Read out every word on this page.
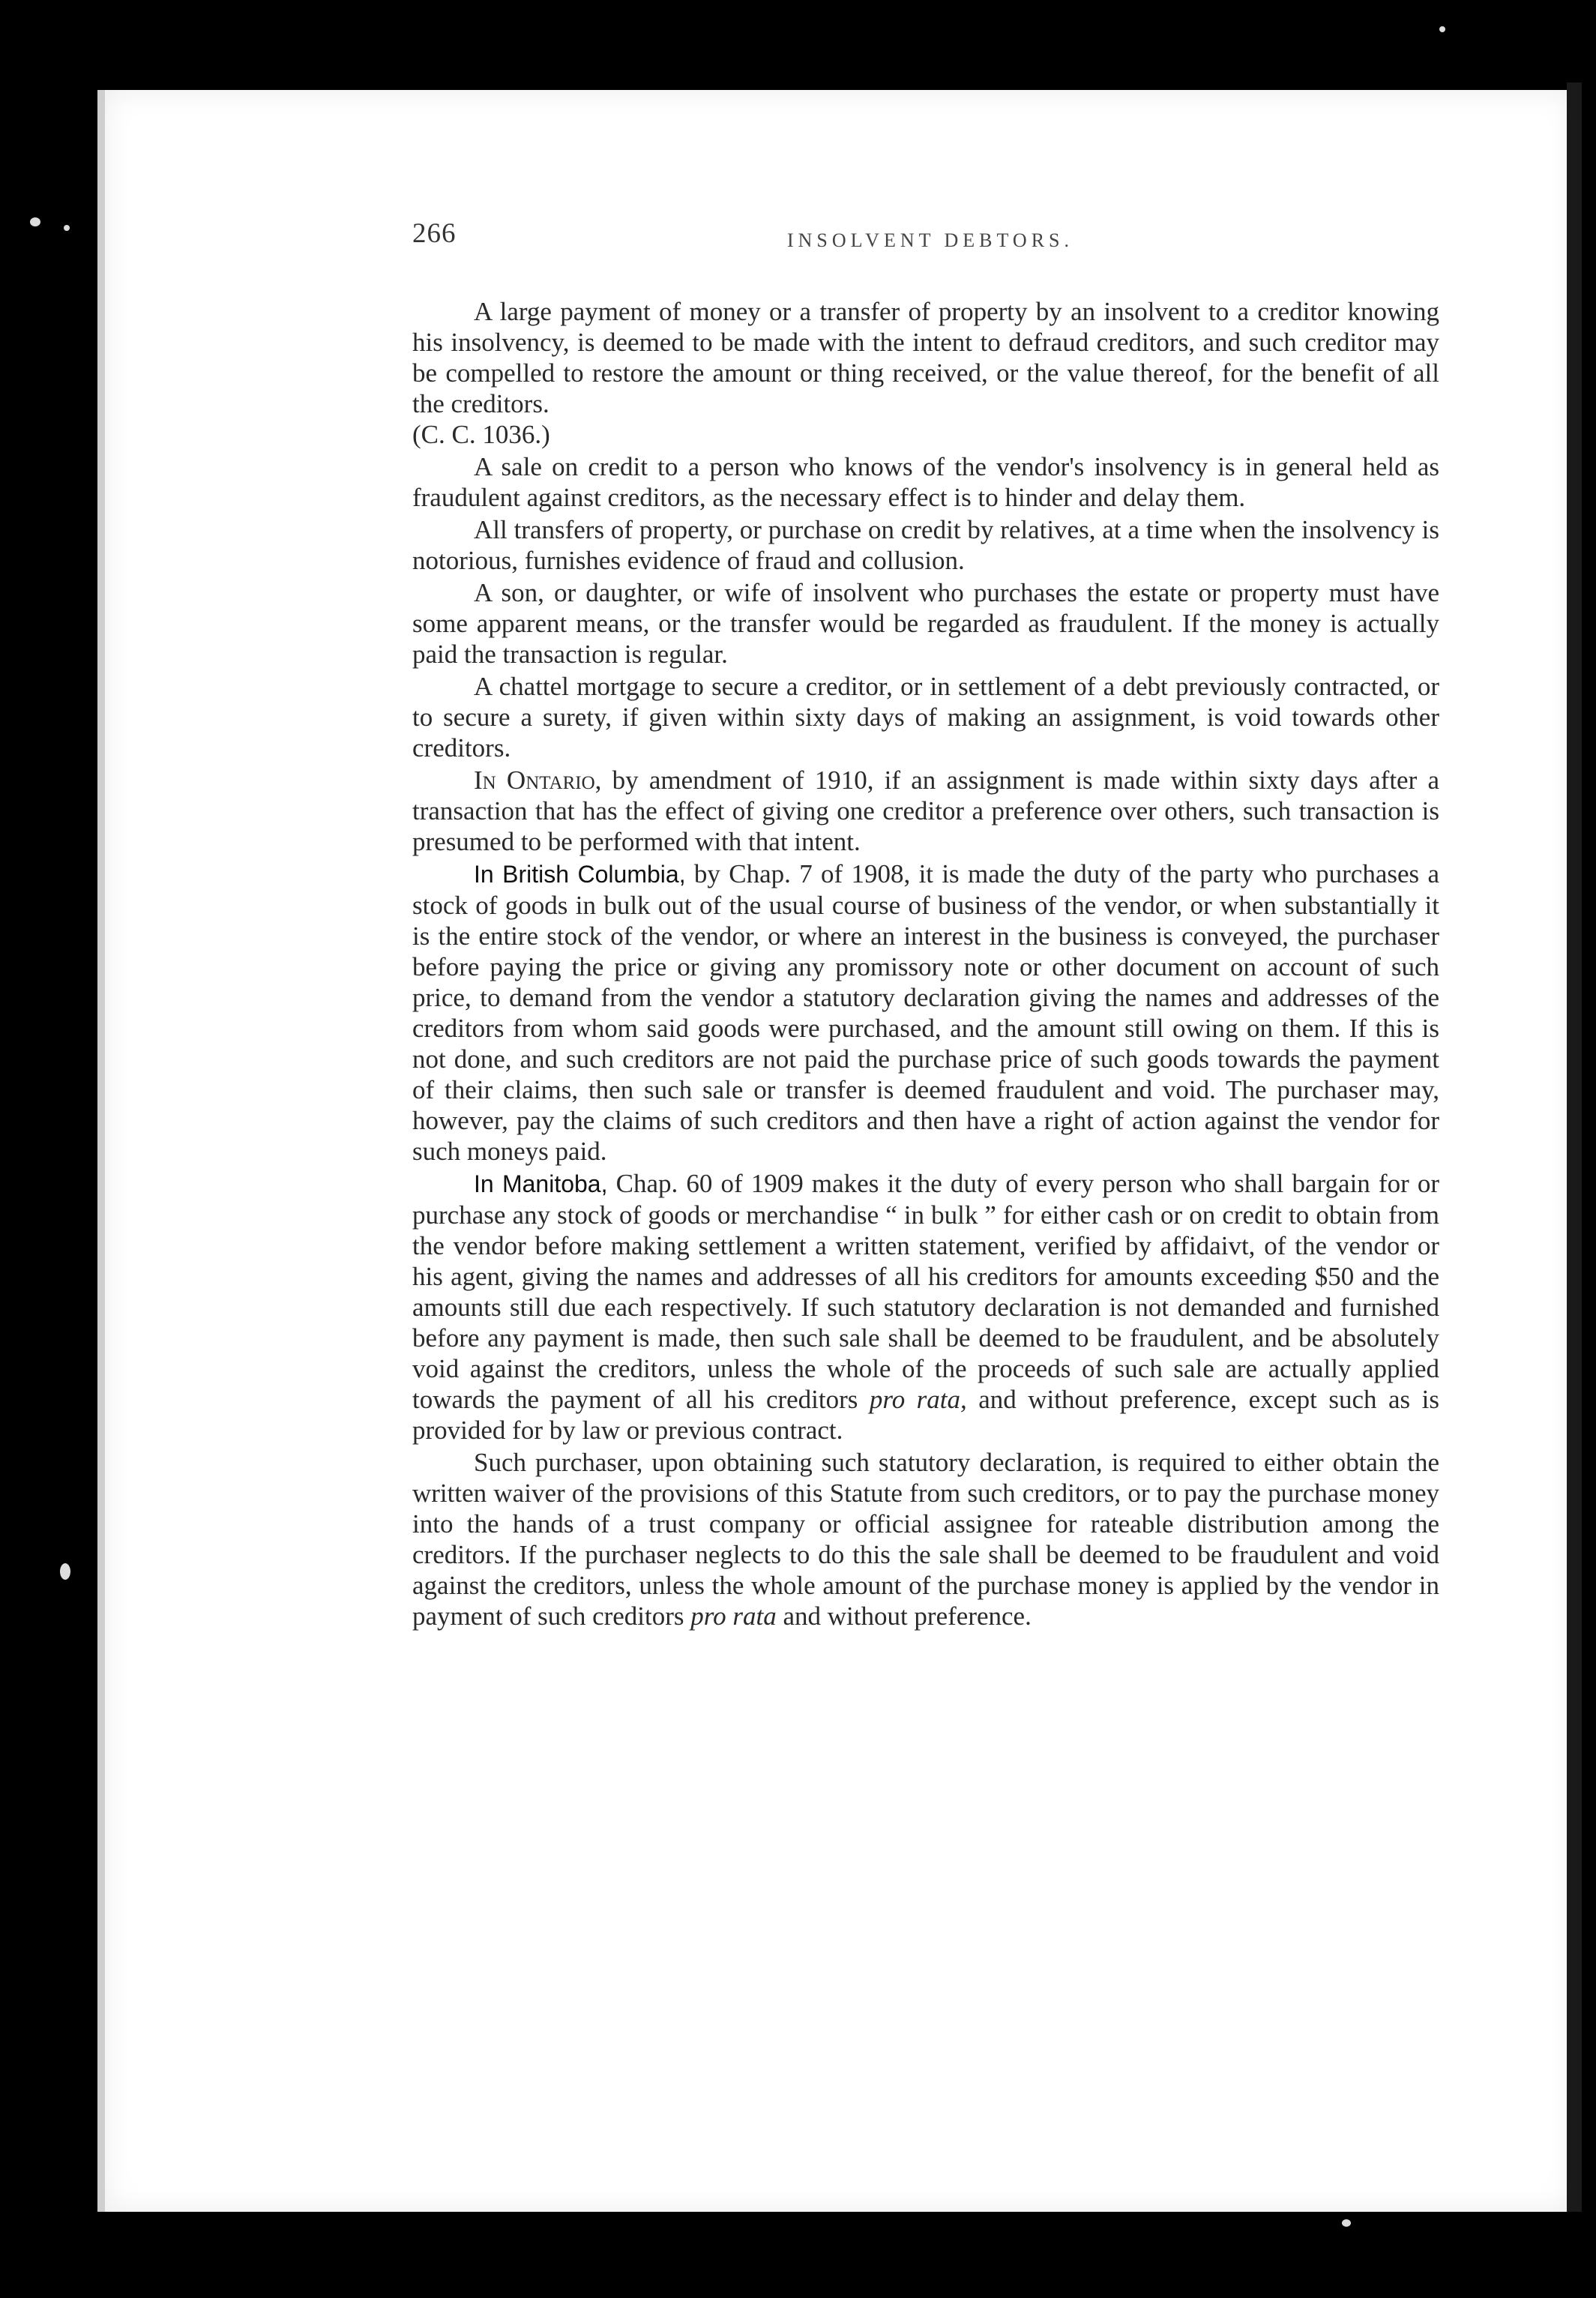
266	INSOLVENT DEBTORS.

A large payment of money or a transfer of property by an insolvent to a creditor knowing his insolvency, is deemed to be made with the intent to defraud creditors, and such creditor may be compelled to restore the amount or thing received, or the value thereof, for the benefit of all the creditors.
(C. C. 1036.)

A sale on credit to a person who knows of the vendor's insolvency is in general held as fraudulent against creditors, as the necessary effect is to hinder and delay them.

All transfers of property, or purchase on credit by relatives, at a time when the insolvency is notorious, furnishes evidence of fraud and collusion.

A son, or daughter, or wife of insolvent who purchases the estate or property must have some apparent means, or the transfer would be regarded as fraudulent. If the money is actually paid the transaction is regular.

A chattel mortgage to secure a creditor, or in settlement of a debt previously contracted, or to secure a surety, if given within sixty days of making an assignment, is void towards other creditors.

In Ontario, by amendment of 1910, if an assignment is made within sixty days after a transaction that has the effect of giving one creditor a preference over others, such transaction is presumed to be performed with that intent.

In British Columbia, by Chap. 7 of 1908, it is made the duty of the party who purchases a stock of goods in bulk out of the usual course of business of the vendor, or when substantially it is the entire stock of the vendor, or where an interest in the business is conveyed, the purchaser before paying the price or giving any promissory note or other document on account of such price, to demand from the vendor a statutory declaration giving the names and addresses of the creditors from whom said goods were purchased, and the amount still owing on them. If this is not done, and such creditors are not paid the purchase price of such goods towards the payment of their claims, then such sale or transfer is deemed fraudulent and void. The purchaser may, however, pay the claims of such creditors and then have a right of action against the vendor for such moneys paid.

In Manitoba, Chap. 60 of 1909 makes it the duty of every person who shall bargain for or purchase any stock of goods or merchandise “ in bulk ” for either cash or on credit to obtain from the vendor before making settlement a written statement, verified by affidaivt, of the vendor or his agent, giving the names and addresses of all his creditors for amounts exceeding $50 and the amounts still due each respectively. If such statutory declaration is not demanded and furnished before any payment is made, then such sale shall be deemed to be fraudulent, and be absolutely void against the creditors, unless the whole of the proceeds of such sale are actually applied towards the payment of all his creditors pro rata, and without preference, except such as is provided for by law or previous contract.

Such purchaser, upon obtaining such statutory declaration, is required to either obtain the written waiver of the provisions of this Statute from such creditors, or to pay the purchase money into the hands of a trust company or official assignee for rateable distribution among the creditors. If the purchaser neglects to do this the sale shall be deemed to be fraudulent and void against the creditors, unless the whole amount of the purchase money is applied by the vendor in payment of such creditors pro rata and without preference.
